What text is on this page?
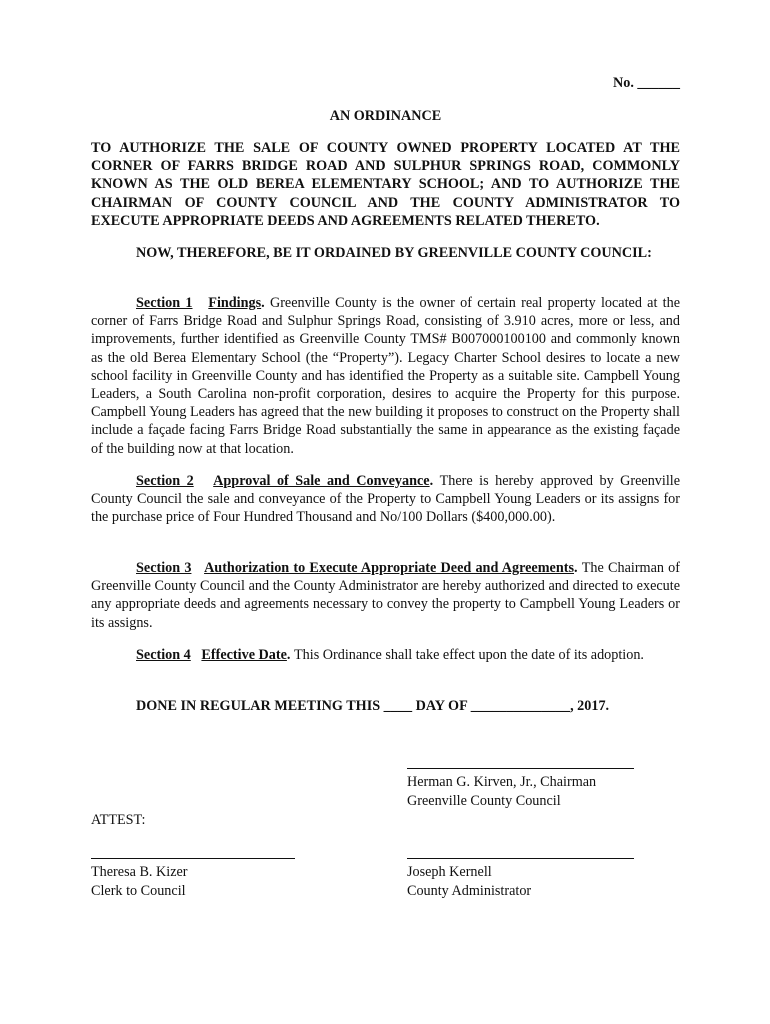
No. ______
AN ORDINANCE
TO AUTHORIZE THE SALE OF COUNTY OWNED PROPERTY LOCATED AT THE CORNER OF FARRS BRIDGE ROAD AND SULPHUR SPRINGS ROAD, COMMONLY KNOWN AS THE OLD BEREA ELEMENTARY SCHOOL; AND TO AUTHORIZE THE CHAIRMAN OF COUNTY COUNCIL AND THE COUNTY ADMINISTRATOR TO EXECUTE APPROPRIATE DEEDS AND AGREEMENTS RELATED THERETO.
NOW, THEREFORE, BE IT ORDAINED BY GREENVILLE COUNTY COUNCIL:
Section 1 Findings. Greenville County is the owner of certain real property located at the corner of Farrs Bridge Road and Sulphur Springs Road, consisting of 3.910 acres, more or less, and improvements, further identified as Greenville County TMS# B007000100100 and commonly known as the old Berea Elementary School (the “Property”). Legacy Charter School desires to locate a new school facility in Greenville County and has identified the Property as a suitable site. Campbell Young Leaders, a South Carolina non-profit corporation, desires to acquire the Property for this purpose. Campbell Young Leaders has agreed that the new building it proposes to construct on the Property shall include a façade facing Farrs Bridge Road substantially the same in appearance as the existing façade of the building now at that location.
Section 2 Approval of Sale and Conveyance. There is hereby approved by Greenville County Council the sale and conveyance of the Property to Campbell Young Leaders or its assigns for the purchase price of Four Hundred Thousand and No/100 Dollars ($400,000.00).
Section 3 Authorization to Execute Appropriate Deed and Agreements. The Chairman of Greenville County Council and the County Administrator are hereby authorized and directed to execute any appropriate deeds and agreements necessary to convey the property to Campbell Young Leaders or its assigns.
Section 4 Effective Date. This Ordinance shall take effect upon the date of its adoption.
DONE IN REGULAR MEETING THIS ____ DAY OF ______________, 2017.
Herman G. Kirven, Jr., Chairman
Greenville County Council
ATTEST:
Theresa B. Kizer
Clerk to Council
Joseph Kernell
County Administrator
